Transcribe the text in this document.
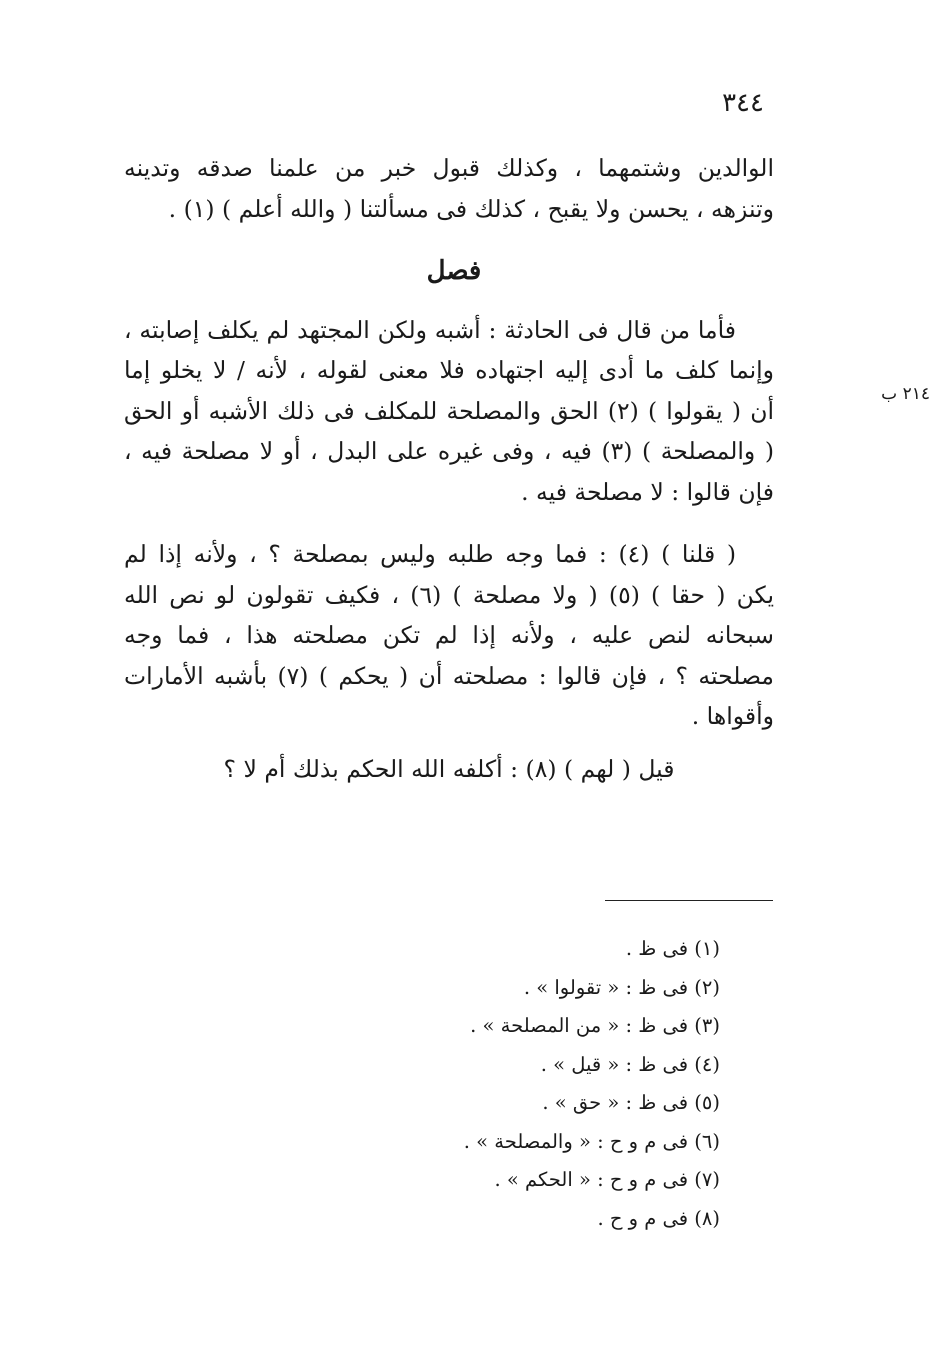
٣٤٤
٢١٤ ب
الوالدين وشتمهما ، وكذلك قبول خبر من علمنا صدقه وتدينه
وتنزهه ، يحسن ولا يقبح ، كذلك فى مسألتنا ( والله أعلم ) (١) .
فصل
فأما من قال فى الحادثة : أشبه ولكن المجتهد لم يكلف إصابته ،
وإنما كلف ما أدى إليه اجتهاده فلا معنى لقوله ، لأنه / لا يخلو إما
أن ( يقولوا ) (٢) الحق والمصلحة للمكلف فى ذلك الأشبه أو الحق
( والمصلحة ) (٣) فيه ، وفى غيره على البدل ، أو لا مصلحة فيه ،
فإن قالوا : لا مصلحة فيه .
( قلنا ) (٤) : فما وجه طلبه وليس بمصلحة ؟ ، ولأنه إذا لم
يكن ( حقا ) (٥) ( ولا مصلحة ) (٦) ، فكيف تقولون لو نص الله
سبحانه لنص عليه ، ولأنه إذا لم تكن مصلحته هذا ، فما وجه
مصلحته ؟ ، فإن قالوا : مصلحته أن ( يحكم ) (٧) بأشبه الأمارات
وأقواها .
قيل ( لهم ) (٨) : أكلفه الله الحكم بذلك أم لا ؟
(١) فى ظ .
(٢) فى ظ : « تقولوا » .
(٣) فى ظ : « من المصلحة » .
(٤) فى ظ : « قيل » .
(٥) فى ظ : « حق » .
(٦) فى م و ح : « والمصلحة » .
(٧) فى م و ح : « الحكم » .
(٨) فى م و ح .
